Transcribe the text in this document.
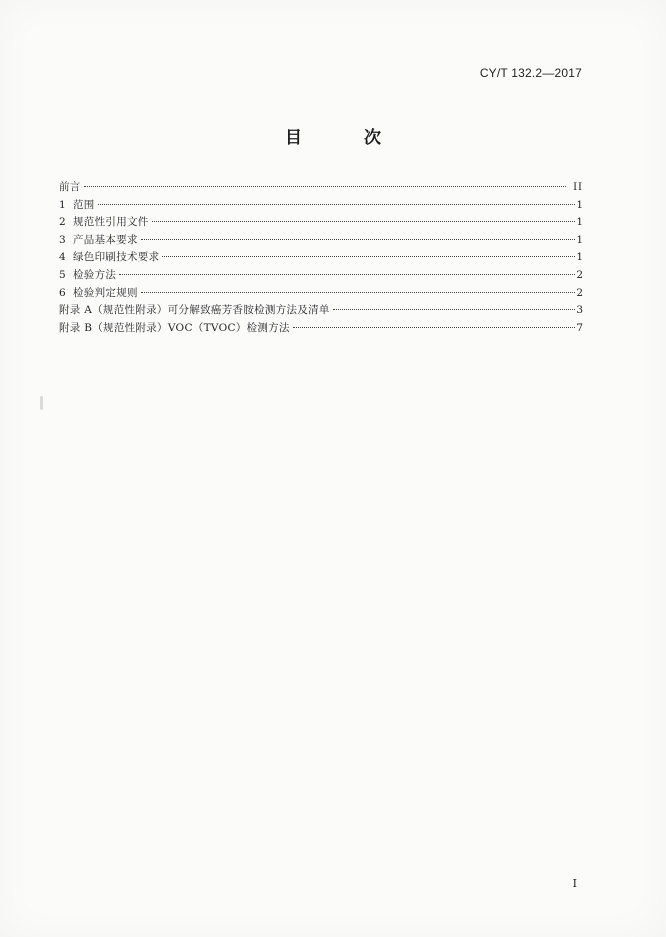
CY/T 132.2—2017
目 次
前言	II
1 范围	1
2 规范性引用文件	1
3 产品基本要求	1
4 绿色印刷技术要求	1
5 检验方法	2
6 检验判定规则	2
附录 A（规范性附录）可分解致癌芳香胺检测方法及清单	3
附录 B（规范性附录）VOC（TVOC）检测方法	7
I
